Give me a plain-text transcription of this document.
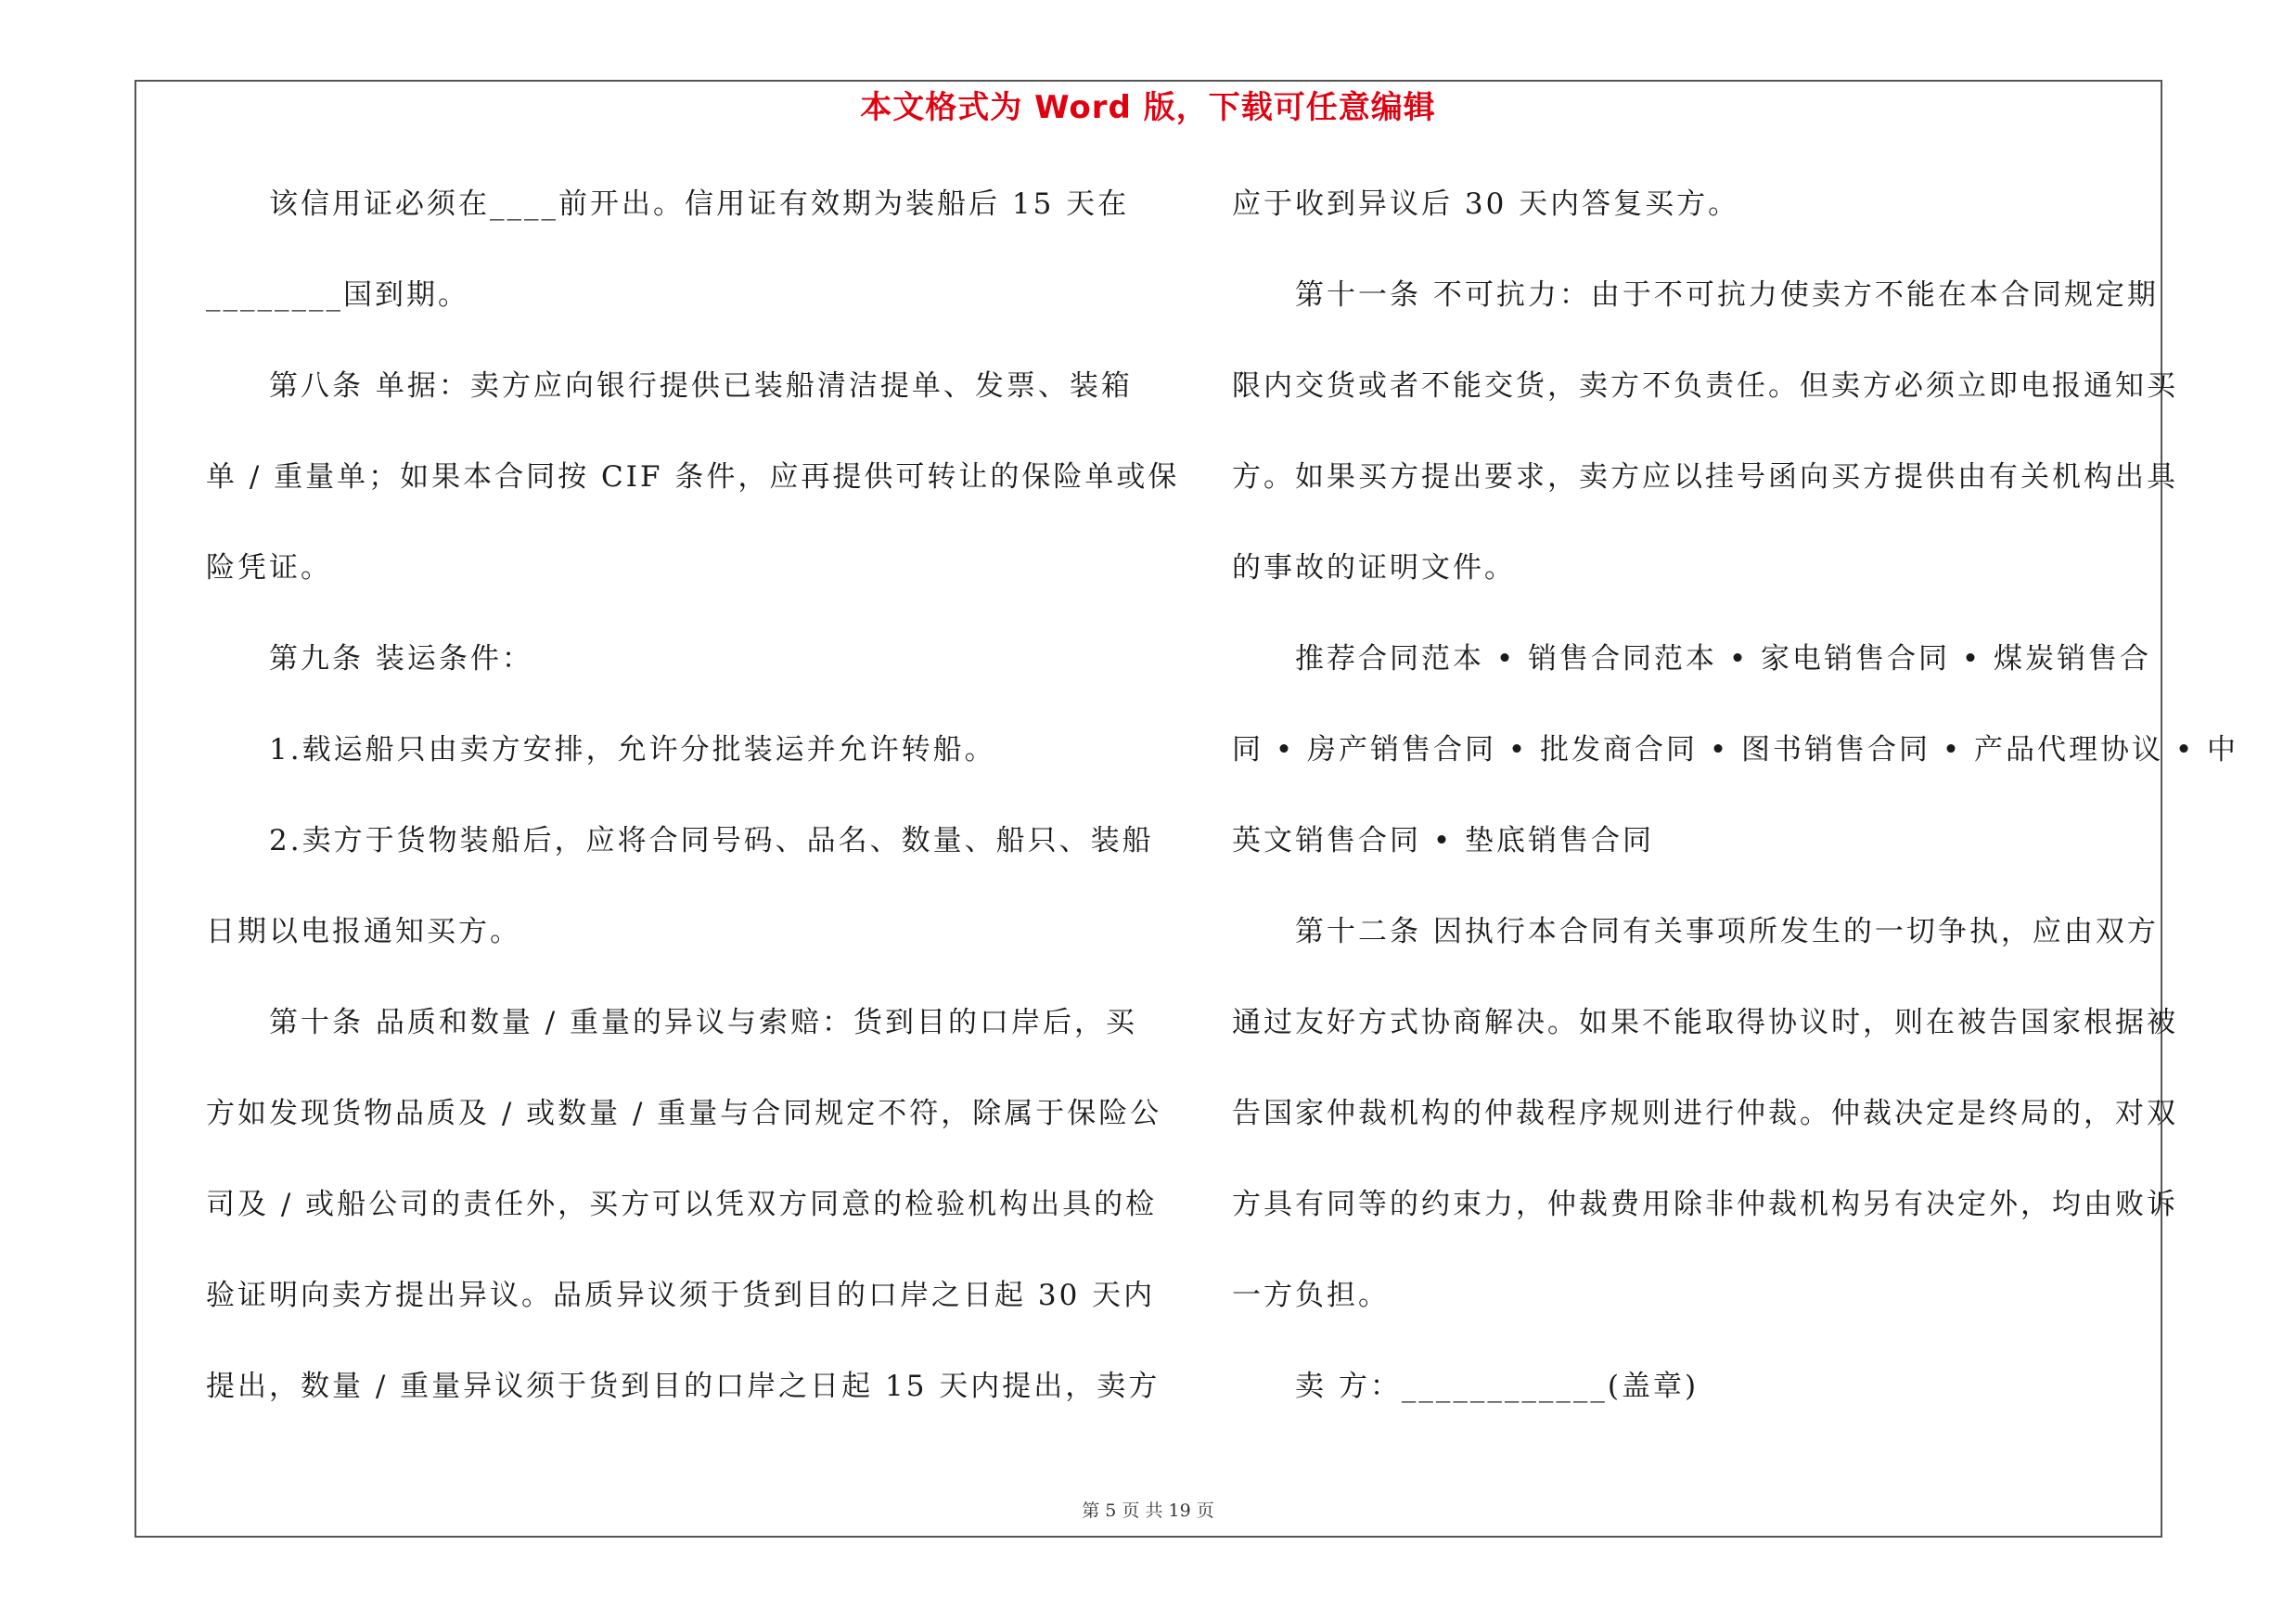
本文格式为 Word 版，下载可任意编辑
该信用证必须在____前开出。信用证有效期为装船后 15 天在
________国到期。
第八条 单据：卖方应向银行提供已装船清洁提单、发票、装箱
单 / 重量单；如果本合同按 CIF 条件，应再提供可转让的保险单或保
险凭证。
第九条 装运条件：
1.载运船只由卖方安排，允许分批装运并允许转船。
2.卖方于货物装船后，应将合同号码、品名、数量、船只、装船
日期以电报通知买方。
第十条 品质和数量 / 重量的异议与索赔：货到目的口岸后，买
方如发现货物品质及 / 或数量 / 重量与合同规定不符，除属于保险公
司及 / 或船公司的责任外，买方可以凭双方同意的检验机构出具的检
验证明向卖方提出异议。品质异议须于货到目的口岸之日起 30 天内
提出，数量 / 重量异议须于货到目的口岸之日起 15 天内提出，卖方
应于收到异议后 30 天内答复买方。
第十一条 不可抗力：由于不可抗力使卖方不能在本合同规定期
限内交货或者不能交货，卖方不负责任。但卖方必须立即电报通知买
方。如果买方提出要求，卖方应以挂号函向买方提供由有关机构出具
的事故的证明文件。
推荐合同范本 • 销售合同范本 • 家电销售合同 • 煤炭销售合
同 • 房产销售合同 • 批发商合同 • 图书销售合同 • 产品代理协议 • 中
英文销售合同 • 垫底销售合同
第十二条 因执行本合同有关事项所发生的一切争执，应由双方
通过友好方式协商解决。如果不能取得协议时，则在被告国家根据被
告国家仲裁机构的仲裁程序规则进行仲裁。仲裁决定是终局的，对双
方具有同等的约束力，仲裁费用除非仲裁机构另有决定外，均由败诉
一方负担。
卖 方：____________(盖章)
第 5 页 共 19 页
